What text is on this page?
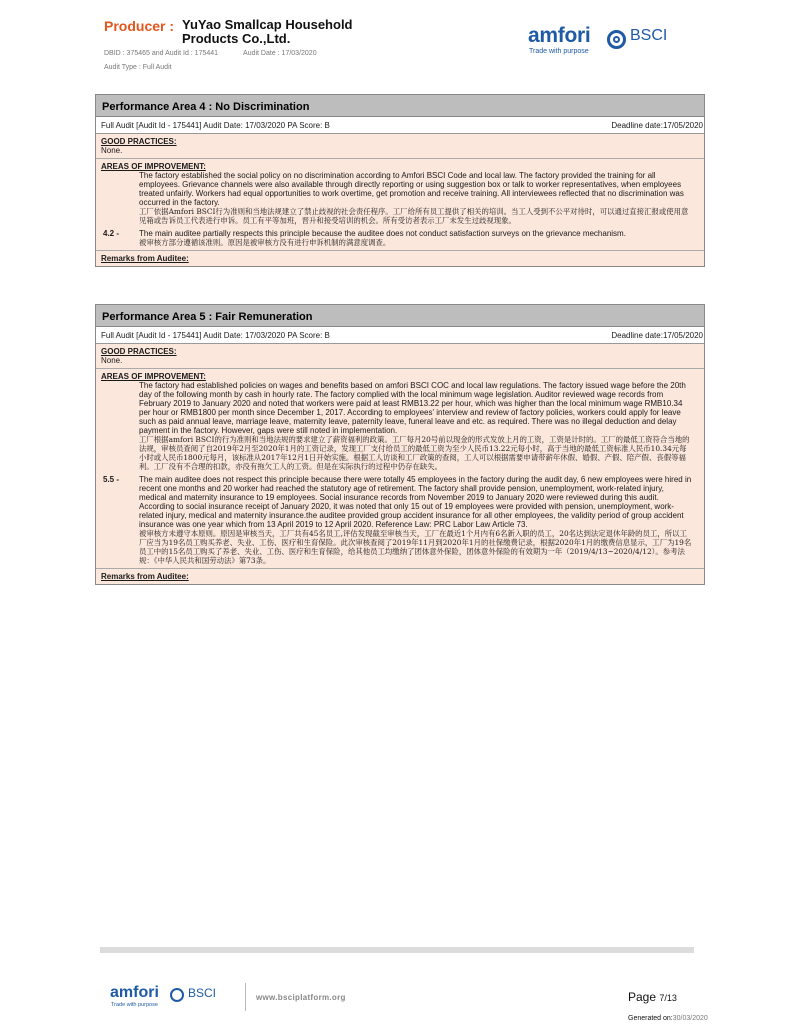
Producer : YuYao Smallcap Household Products Co.,Ltd.
DBID : 375465 and Audit Id : 175441	Audit Date : 17/03/2020
Audit Type : Full Audit
amfori BSCI
Trade with purpose
Performance Area 4 : No Discrimination
Full Audit [Audit Id - 175441] Audit Date: 17/03/2020 PA Score: B	Deadline date:17/05/2020
GOOD PRACTICES:
None.
AREAS OF IMPROVEMENT:
The factory established the social policy on no discrimination according to Amfori BSCI Code and local law. The factory provided the training for all employees. Grievance channels were also available through directly reporting or using suggestion box or talk to worker representatives, when employees treated unfairly. Workers had equal opportunities to work overtime, get promotion and receive training. All interviewees reflected that no discrimination was occurred in the factory.
工厂依据Amfori BSCI行为准则和当地法规建立了禁止歧视的社会责任程序。工厂给所有员工提供了相关的培训。当工人受到不公平对待时，可以通过直接汇报或使用意见箱或告诉员工代表进行申诉。员工有平等加班，晋升和接受培训的机会。所有受访者表示工厂未发生过歧视现象。
4.2 -	The main auditee partially respects this principle because the auditee does not conduct satisfaction surveys on the grievance mechanism.
被审核方部分遵循该准则。原因是被审核方没有进行申诉机制的满意度调查。
Remarks from Auditee:
Performance Area 5 : Fair Remuneration
Full Audit [Audit Id - 175441] Audit Date: 17/03/2020 PA Score: B	Deadline date:17/05/2020
GOOD PRACTICES:
None.
AREAS OF IMPROVEMENT:
The factory had established policies on wages and benefits based on amfori BSCI COC and local law regulations. The factory issued wage before the 20th day of the following month by cash in hourly rate. The factory complied with the local minimum wage legislation. Auditor reviewed wage records from February 2019 to January 2020 and noted that workers were paid at least RMB13.22 per hour, which was higher than the local minimum wage RMB10.34 per hour or RMB1800 per month since December 1, 2017. According to employees' interview and review of factory policies, workers could apply for leave such as paid annual leave, marriage leave, maternity leave, paternity leave, funeral leave and etc. as required. There was no illegal deduction and delay payment in the factory. However, gaps were still noted in implementation.
工厂根据amfori BSCI的行为准则和当地法规的要求建立了薪资福利的政策。工厂每月20号前以现金的形式发放上月的工资，工资是计时的。工厂的最低工资符合当地的法规，审核员查阅了自2019年2月至2020年1月的工资记录，发现工厂支付给员工的最低工资为至少人民币13.22元每小时，高于当地的最低工资标准人民币10.34元每小时或人民币1800元每月，该标准从2017年12月1日开始实施。根据工人访谈和工厂政策的查阅，工人可以根据需要申请带薪年休假、婚假、产假、陪产假、丧假等福利。工厂没有不合理的扣款，亦没有拖欠工人的工资。但是在实际执行的过程中仍存在缺失。
5.5 -	The main auditee does not respect this principle because there were totally 45 employees in the factory during the audit day, 6 new employees were hired in recent one months and 20 worker had reached the statutory age of retirement. The factory shall provide pension, unemployment, work-related injury, medical and maternity insurance to 19 employees. Social insurance records from November 2019 to January 2020 were reviewed during this audit. According to social insurance receipt of January 2020, it was noted that only 15 out of 19 employees were provided with pension, unemployment, work-related injury, medical and maternity insurance.the auditee provided group accident insurance for all other employees, the validity period of group accident insurance was one year which from 13 April 2019 to 12 April 2020. Reference Law: PRC Labor Law Article 73.
被审核方未遵守本原则。原因是审核当天，工厂共有45名员工,评估发现截至审核当天，工厂在最近1个月内有6名新入职的员工，20名达到法定退休年龄的员工，所以工厂应当为19名员工购买养老、失业、工伤、医疗和生育保险。此次审核查阅了2019年11月到2020年1月的社保缴费记录，根据2020年1月的缴费信息显示，工厂为19名员工中的15名员工购买了养老、失业、工伤、医疗和生育保险，给其他员工均缴纳了团体意外保险，团体意外保险的有效期为一年（2019/4/13~2020/4/12）。参考法规：《中华人民共和国劳动法》第73条。
Remarks from Auditee:
amfori BSCI
Trade with purpose
www.bsciplatform.org	Page 7/13
Generated on:30/03/2020
